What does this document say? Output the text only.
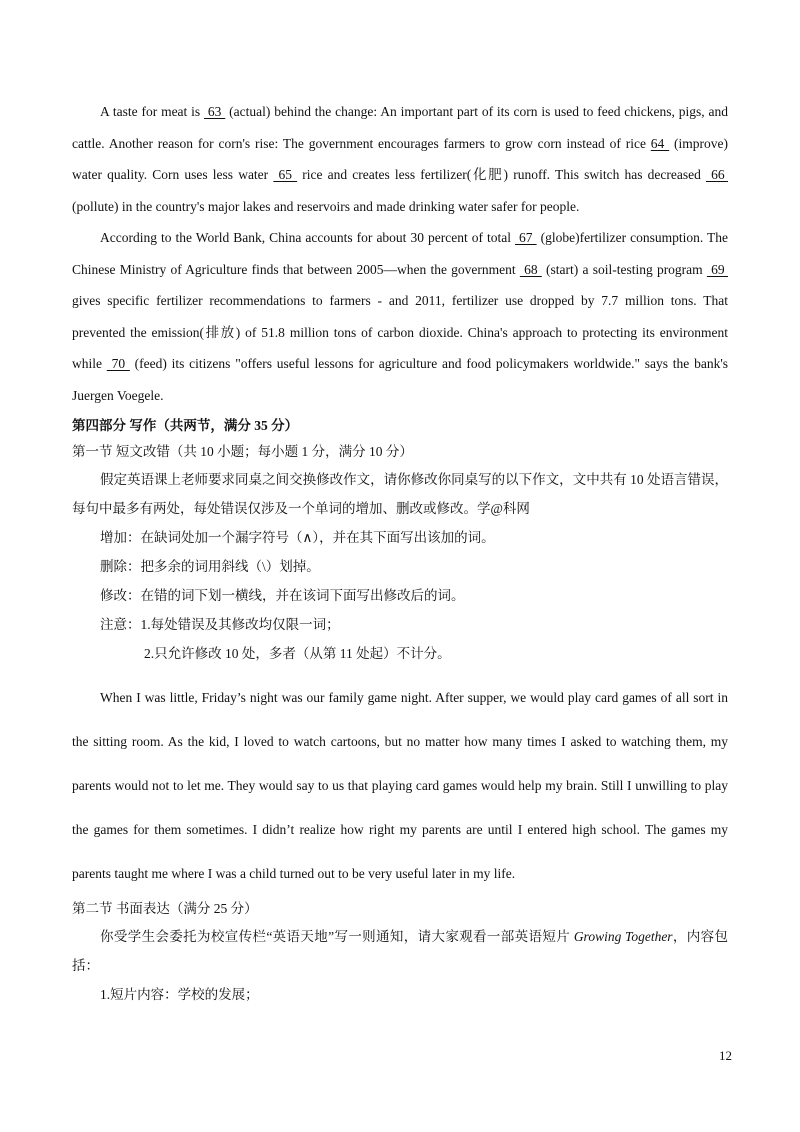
A taste for meat is  63  (actual) behind the change: An important part of its corn is used to feed chickens, pigs, and cattle. Another reason for corn's rise: The government encourages farmers to grow corn instead of rice 64  (improve) water quality. Corn uses less water  65  rice and creates less fertilizer(化肥) runoff. This switch has decreased  66  (pollute) in the country's major lakes and reservoirs and made drinking water safer for people.

According to the World Bank, China accounts for about 30 percent of total  67  (globe)fertilizer consumption. The Chinese Ministry of Agriculture finds that between 2005—when the government  68  (start) a soil-testing program  69  gives specific fertilizer recommendations to farmers - and 2011, fertilizer use dropped by 7.7 million tons. That prevented the emission(排放) of 51.8 million tons of carbon dioxide. China's approach to protecting its environment while  70  (feed) its citizens "offers useful lessons for agriculture and food policymakers worldwide." says the bank's Juergen Voegele.

第四部分 写作（共两节，满分 35 分）
第一节 短文改错（共 10 小题；每小题 1 分，满分 10 分）

假定英语课上老师要求同桌之间交换修改作文，请你修改你同桌写的以下作文，文中共有 10 处语言错误，每句中最多有两处，每处错误仅涉及一个单词的增加、删改或修改。学@科网

增加：在缺词处加一个漏字符号（∧），并在其下面写出该加的词。

删除：把多余的词用斜线（\）划掉。

修改：在错的词下划一横线，并在该词下面写出修改后的词。

注意：1.每处错误及其修改均仅限一词；

2.只允许修改 10 处，多者（从第 11 处起）不计分。

When I was little, Friday’s night was our family game night. After supper, we would play card games of all sort in the sitting room. As the kid, I loved to watch cartoons, but no matter how many times I asked to watching them, my parents would not to let me. They would say to us that playing card games would help my brain. Still I unwilling to play the games for them sometimes. I didn’t realize how right my parents are until I entered high school. The games my parents taught me where I was a child turned out to be very useful later in my life.

第二节 书面表达（满分 25 分）

你受学生会委托为校宣传栏“英语天地”写一则通知，请大家观看一部英语短片 Growing Together，内容包括：

1.短片内容：学校的发展；

12
